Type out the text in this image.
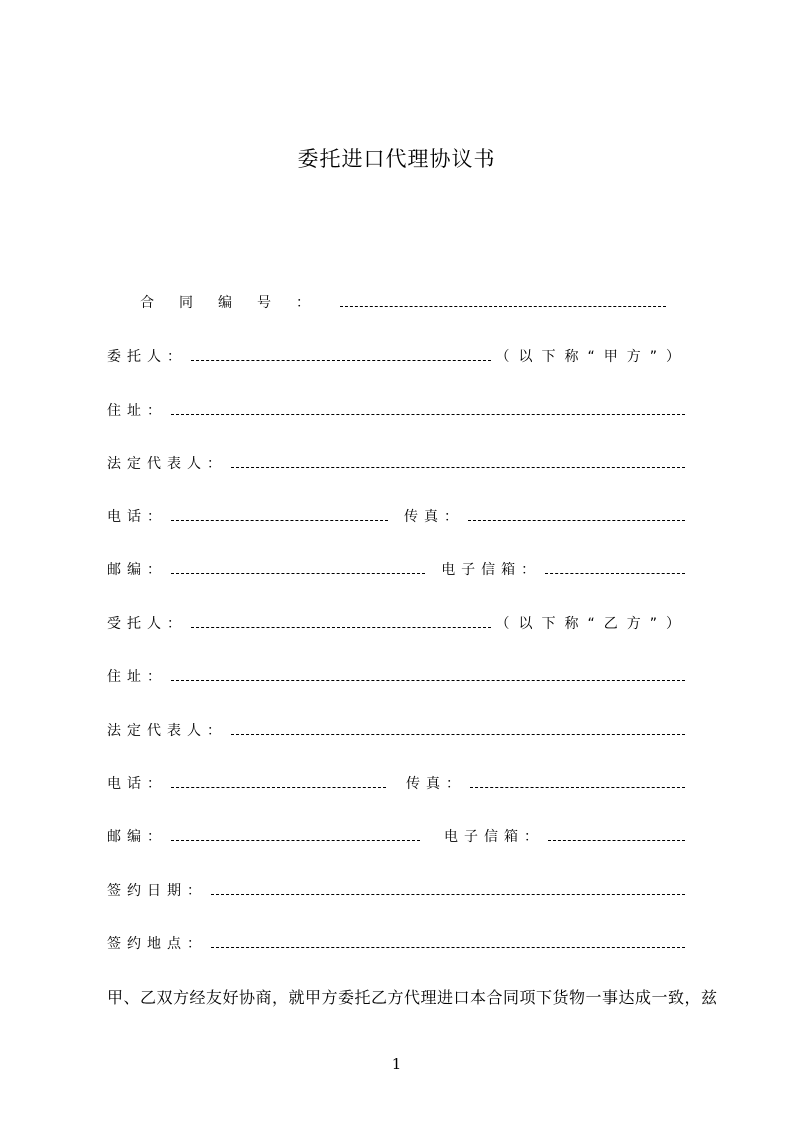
委托进口代理协议书
合 同 编 号 ：
委托人：	（以下称“甲方”）
住址：
法定代表人：
电话：	传真：
邮编：	电子信箱：
受托人：	（以下称“乙方”）
住址：
法定代表人：
电话：	传真：
邮编：	电子信箱：
签约日期：
签约地点：
甲、乙双方经友好协商，就甲方委托乙方代理进口本合同项下货物一事达成一致，兹
1
